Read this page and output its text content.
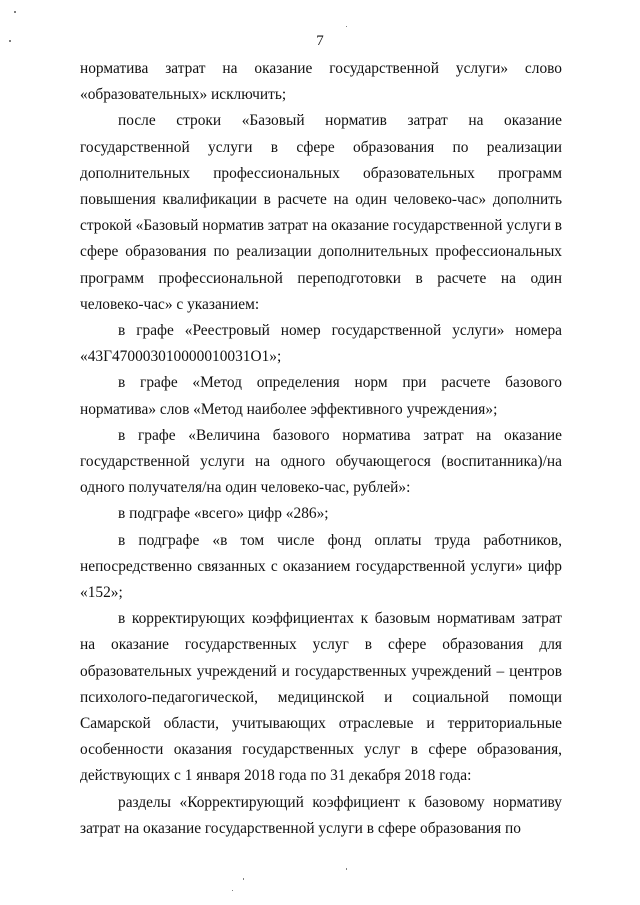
7

норматива затрат на оказание государственной услуги» слово «образовательных» исключить;

после строки «Базовый норматив затрат на оказание государственной услуги в сфере образования по реализации дополнительных профессиональных образовательных программ повышения квалификации в расчете на один человеко-час» дополнить строкой «Базовый норматив затрат на оказание государственной услуги в сфере образования по реализации дополнительных профессиональных программ профессиональной переподготовки в расчете на один человеко-час» с указанием:

в графе «Реестровый номер государственной услуги» номера «43Г470003010000010031О1»;

в графе «Метод определения норм при расчете базового норматива» слов «Метод наиболее эффективного учреждения»;

в графе «Величина базового норматива затрат на оказание государственной услуги на одного обучающегося (воспитанника)/на одного получателя/на один человеко-час, рублей»:

в подграфе «всего» цифр «286»;

в подграфе «в том числе фонд оплаты труда работников, непосредственно связанных с оказанием государственной услуги» цифр «152»;

в корректирующих коэффициентах к базовым нормативам затрат на оказание государственных услуг в сфере образования для образовательных учреждений и государственных учреждений – центров психолого-педагогической, медицинской и социальной помощи Самарской области, учитывающих отраслевые и территориальные особенности оказания государственных услуг в сфере образования, действующих с 1 января 2018 года по 31 декабря 2018 года:

разделы «Корректирующий коэффициент к базовому нормативу затрат на оказание государственной услуги в сфере образования по
